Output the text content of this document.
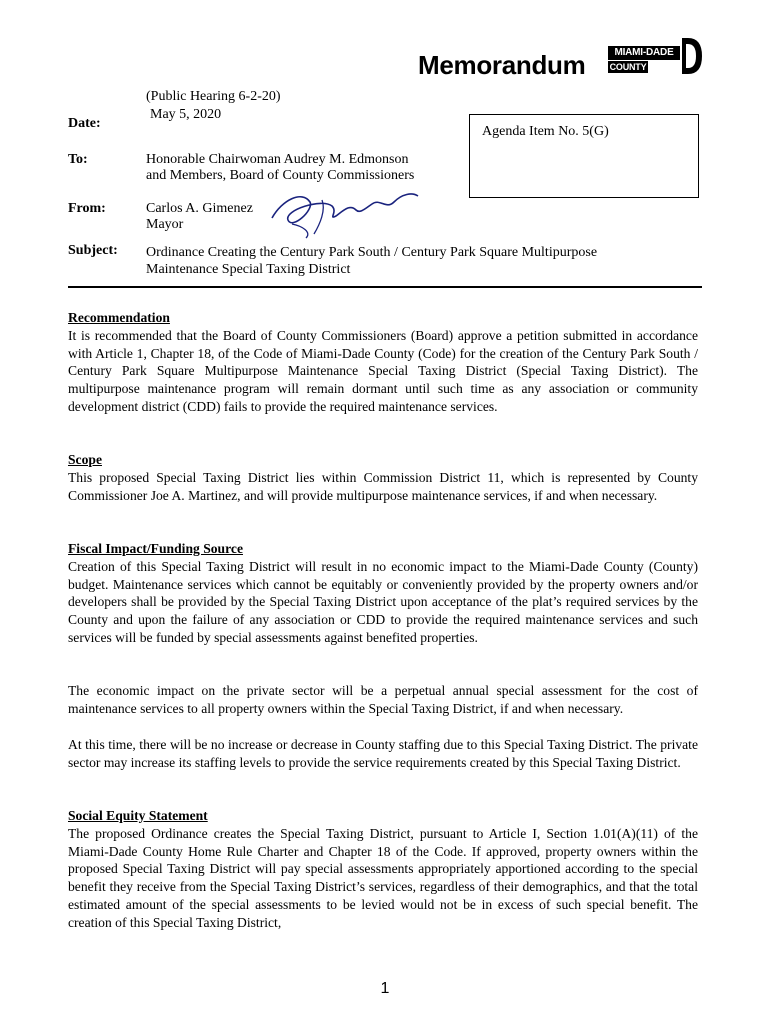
Memorandum	MIAMI-DADE
COUNTY
(Public Hearing 6-2-20)
Date:
May 5, 2020
Agenda Item No. 5(G)
To:	Honorable Chairwoman Audrey M. Edmonson
and Members, Board of County Commissioners
From:	Carlos A. Gimenez
Mayor
Subject: Ordinance Creating the Century Park South / Century Park Square Multipurpose
Maintenance Special Taxing District
Recommendation

It is recommended that the Board of County Commissioners (Board) approve a petition submitted in accordance with Article 1, Chapter 18, of the Code of Miami-Dade County (Code) for the creation of the Century Park South / Century Park Square Multipurpose Maintenance Special Taxing District (Special Taxing District). The multipurpose maintenance program will remain dormant until such time as any association or community development district (CDD) fails to provide the required maintenance services.

Scope

This proposed Special Taxing District lies within Commission District 11, which is represented by County Commissioner Joe A. Martinez, and will provide multipurpose maintenance services, if and when necessary.

Fiscal Impact/Funding Source

Creation of this Special Taxing District will result in no economic impact to the Miami-Dade County (County) budget. Maintenance services which cannot be equitably or conveniently provided by the property owners and/or developers shall be provided by the Special Taxing District upon acceptance of the plat’s required services by the County and upon the failure of any association or CDD to provide the required maintenance services and such services will be funded by special assessments against benefited properties.

The economic impact on the private sector will be a perpetual annual special assessment for the cost of maintenance services to all property owners within the Special Taxing District, if and when necessary.

At this time, there will be no increase or decrease in County staffing due to this Special Taxing District. The private sector may increase its staffing levels to provide the service requirements created by this Special Taxing District.

Social Equity Statement

The proposed Ordinance creates the Special Taxing District, pursuant to Article I, Section 1.01(A)(11) of the Miami-Dade County Home Rule Charter and Chapter 18 of the Code. If approved, property owners within the proposed Special Taxing District will pay special assessments appropriately apportioned according to the special benefit they receive from the Special Taxing District’s services, regardless of their demographics, and that the total estimated amount of the special assessments to be levied would not be in excess of such special benefit. The creation of this Special Taxing District,

1
